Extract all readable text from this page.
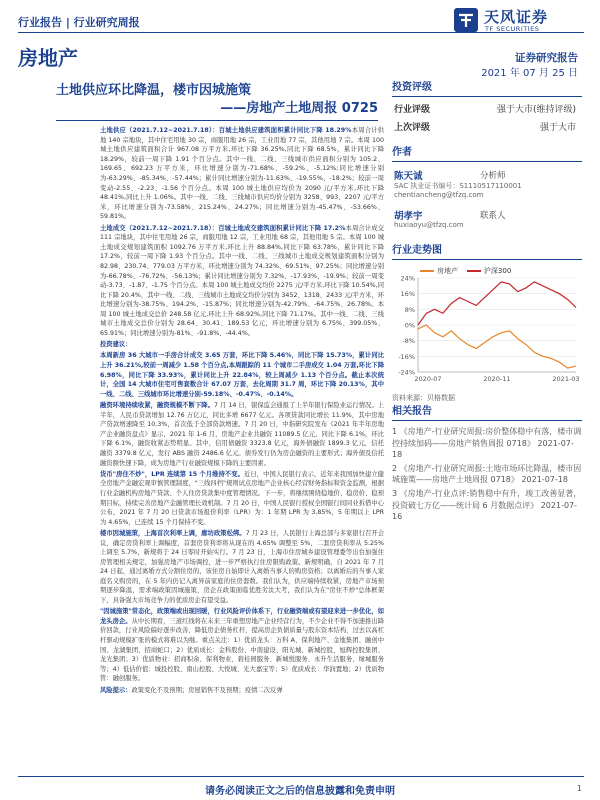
行业报告 | 行业研究周报	天风证券
TF SECURITIES
房地产	证券研究报告
2021 年 07 月 25 日
土地供应环比降温，楼市因城施策
——房地产土地周报 0725

土地供应（2021.7.12~2021.7.18）：百城土地供应建筑面积累计同比下降 18.29%本周合计供地 140 宗地块，其中住宅用地 30 宗，商服用地 26 宗，工业用地 77 宗，其他用地 7 宗。本周 100 城土地供应建筑面积合计 967.08 万平方米,环比下降 36.25%,同比下降 68.5%，累计同比下降 18.29%，较前一周下降 1.91 个百分点。其中一线、二线、三线城市供应面积分别为 105.2、169.65、692.23 万平方米，环比增速分别为-71.68%、-59.2%、-5.12%;同比增速分别为-63.29%、-85.34%、-57.44%；累计同比增速分别为-11.63%、-19.55%、-18.2%；较前一周变动-2.55、-2.23、-1.56 个百分点。本周 100 城土地供应均价为 2090 元/平方米,环比下降 48.41%,同比上升 1.06%。其中一线、二线、三线城市供应均价分别为 3258、993、2207 元/平方米，环比增速分别为-73.58%、215.24%、24.27%；同比增速分别为-45.47%、-53.66%、59.81%。

土地成交（2021.7.12~2021.7.18）：百城土地成交建筑面积累计同比下降 17.2%本周合计成交 111 宗地块，其中住宅用地 26 宗，商服用地 12 宗，工业用地 68 宗，其他用地 5 宗。本周 100 城土地成交规划建筑面积 1092.76 万平方米,环比上升 88.84%,同比下降 63.78%，累计同比下降 17.2%，较前一周下降 1.93 个百分点。其中一线、二线、三线城市土地成交规划建筑面积分别为 82.98、230.74、779.03 万平方米，环比增速分别为 74.32%、69.51%、97.25%；同比增速分别为-66.78%、-76.72%、-56.13%；累计同比增速分别为 7.32%、-17.93%、-19.9%；较前一周变动-3.73、-1.87、-1.75 个百分点。本周 100 城土地成交均价 2275 元/平方米,环比下降 10.54%,同比下降 20.4%，其中一线、二线、三线城市土地成交均价分别为 3452、1318、2433 元/平方米，环比增速分别为-38.75%、194.2%、-15.87%；同比增速分别为-42.79%、-64.75%、26.78%。本周 100 城土地成交总价 248.58 亿元,环比上升 68.92%,同比下降 71.17%。其中一线、二线、三线城市土地成交总价分别为 28.64、30.41、189.53 亿元，环比增速分别为 6.75%、399.05%、65.91%；同比增速分别为-81%、-91.8%、-44.4%。

投资建议：

本周新房 36 大城市一手房合计成交 3.65 万套，环比下降 5.46%，同比下降 15.73%，累计同比上升 36.21%,较前一周减少 1.58 个百分点,本周跟踪的 11 个城市二手房成交 1.04 万套,环比下降 6.98%，同比下降 33.93%，累计同比上升 22.84%，较上周减少 1.13 个百分点。截止本次统计，全国 14 大城市住宅可售套数合计 67.07 万套，去化周期 31.7 周，环比下降 20.13%，其中一线、二线、三线城市环比增速分别-59.18%、-0.47%、-0.14%。

融资环境持续收紧，融资规模不断下降。7 月 14 日，银保监会通报了上半年银行保险业运行情况。上半年，人民币贷款增加 12.76 万亿元，同比多增 6677 亿元。各项贷款同比增长 11.9%，其中房地产贷款增速降至 10.3%，首次低于全部贷款增速。7 月 20 日，中指研究院发布《2021 年半年房地产企业融资盘点》显示，2021 年 1-6 月，房地产企业共融资 11089.5 亿元，同比下降 6.1%，环比下降 6.1%，融资收紧态势明显。其中，信用债融资 3323.8 亿元，海外债融资 1899.3 亿元，信托融资 3379.8 亿元，发行 ABS 融资 2486.6 亿元。债券发行仍为房企融资的主要形式；海外债及信托融资额快速下降，成为房地产行业融资规模下降的主要因素。

货币"房住不炒"，LPR 连续第 15 个月维持不变。近日，中国人民银行表示，近年来我国加快建立健全房地产金融宏观审慎管理制度，"三线四档"规则试点房地产企业核心经营财务指标和资金监测，根据行业金融机构房地产贷款、个人住房贷款集中度管理情况。下一步，将继续围绕稳地价、稳房价、稳预期目标，持续完善房地产金融管理长效机制。7 月 20 日，中国人民银行授权全国银行间同业拆借中心公布，2021 年 7 月 20 日贷款市场报价利率（LPR）为：1 年期 LPR 为 3.85%，5 年期以上 LPR 为 4.65%，已连续 15 个月保持不变。

楼市因城施策，上海首次利率上调，廊坊政策松绑。7 月 23 日，人民银行上海总部与多家银行召开会议，确定房贷利率上调幅度，首套房贷利率将从现在的 4.65% 调整至 5%，二套房贷利率从 5.25% 上调至 5.7%，新规将于 24 日零时开始实行。7 月 23 日，上海市住房城乡建设管理委等出台加强住房管理相关规定，加强房地产市场调控，进一步严格执行住房限购政策。新规明确，自 2021 年 7 月 24 日起，通过离婚方式分割住房的，该住房自始即计入离婚当事人的购房资格；以离婚后的当事人家庭名义购房的，在 5 年内仍记入离异前家庭的住房套数。我们认为，供应端持续收紧，房地产市场预期逐步降温，需求端政策因城施策，房企在政策面临优胜劣汰大考，我们认为在"房住不炒"总体框架下，具备强大市场竞争力的优质房企有望受益。

"因城施策"常态化，政策端或出现回暖，行业风险评价体系下，行业融资端或有望迎来进一步优化，如龙头房企。从中长期看，三道红线将在未来三年重塑房地产企业经营行为，不少企业不得不加速推出降价回款，行业风险偏好逐步改善，降低房企债务杠杆，提高房企负债质量与股东资本结构，过去以高杠杆驱动规模扩张的模式将难以为继。重点关注：1）优质龙头：万科 A、保利地产、金地集团、融创中国、龙湖集团、招商蛇口；2）优质成长：金科股份、中南建设、阳光城、新城控股、旭辉控股集团、龙光集团；3）优质物业：招商积余、保利物业、碧桂园服务、新城悦服务、永升生活服务、绿城服务等；4）低估价值：城投控股、南山控股、大悦城、光大嘉宝等；5）优质成长：华润置地；2）优质物管：融创服务。

风险提示：政策变化不及预期；房屋销售不及预期；疫情二次反弹

投资评级
行业评级	强于大市(维持评级)
上次评级	强于大市
作者
陈天诚	分析师
SAC 执业证书编号：S1110517110001
chentiancheng@tfzq.com
胡孝宇	联系人
huxiaoyu@tfzq.com
行业走势图
房地产	沪深300
24%
16%
8%
0%
-8%
-16%
-24%
2020-07	2020-11	2021-03
资料来源：贝格数据
相关报告
1 《房地产-行业研究周报:房价整体稳中有落，楼市调控持续加码——房地产销售周报 0718》 2021-07-18
2 《房地产-行业研究周报:土地市场环比降温，楼市因城施策——房地产土地周报 0718》 2021-07-18
3 《房地产-行业点评:销售稳中有升，竣工改善显著，投资破七万亿——统计局 6 月数据点评》 2021-07-16
请务必阅读正文之后的信息披露和免责申明	1
